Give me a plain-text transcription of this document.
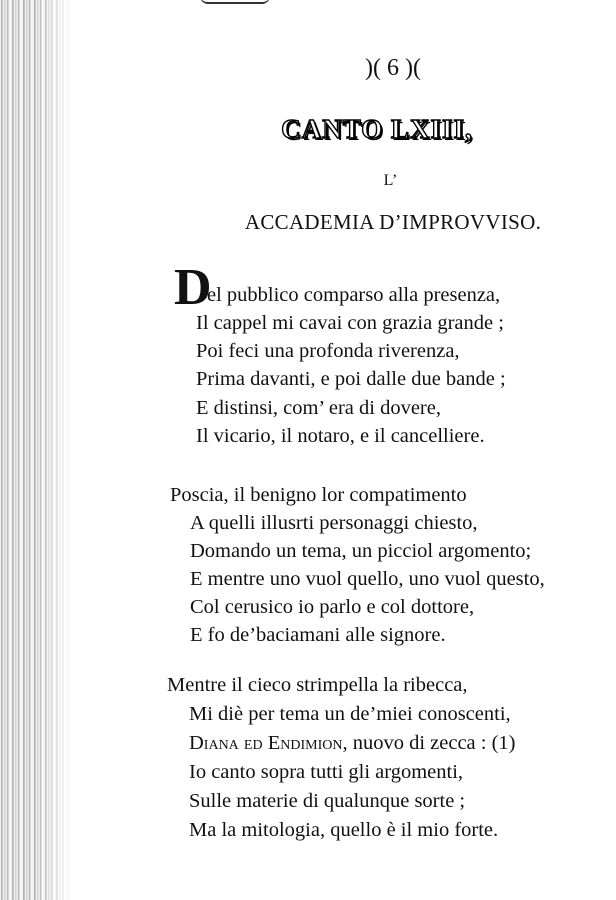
)( 6 )(
CANTO LXIII,
L’
ACCADEMIA D’IMPROVVISO.
D
el pubblico comparso alla presenza,
Il cappel mi cavai con grazia grande ;
Poi feci una profonda riverenza,
Prima davanti, e poi dalle due bande ;
E distinsi, com’ era di dovere,
Il vicario, il notaro, e il cancelliere.
Poscia, il benigno lor compatimento
A quelli illusrti personaggi chiesto,
Domando un tema, un picciol argomento;
E mentre uno vuol quello, uno vuol questo,
Col cerusico io parlo e col dottore,
E fo de’baciamani alle signore.
Mentre il cieco strimpella la ribecca,
Mi diè per tema un de’miei conoscenti,
Diana ed Endimion, nuovo di zecca : (1)
Io canto sopra tutti gli argomenti,
Sulle materie di qualunque sorte ;
Ma la mitologia, quello è il mio forte.
